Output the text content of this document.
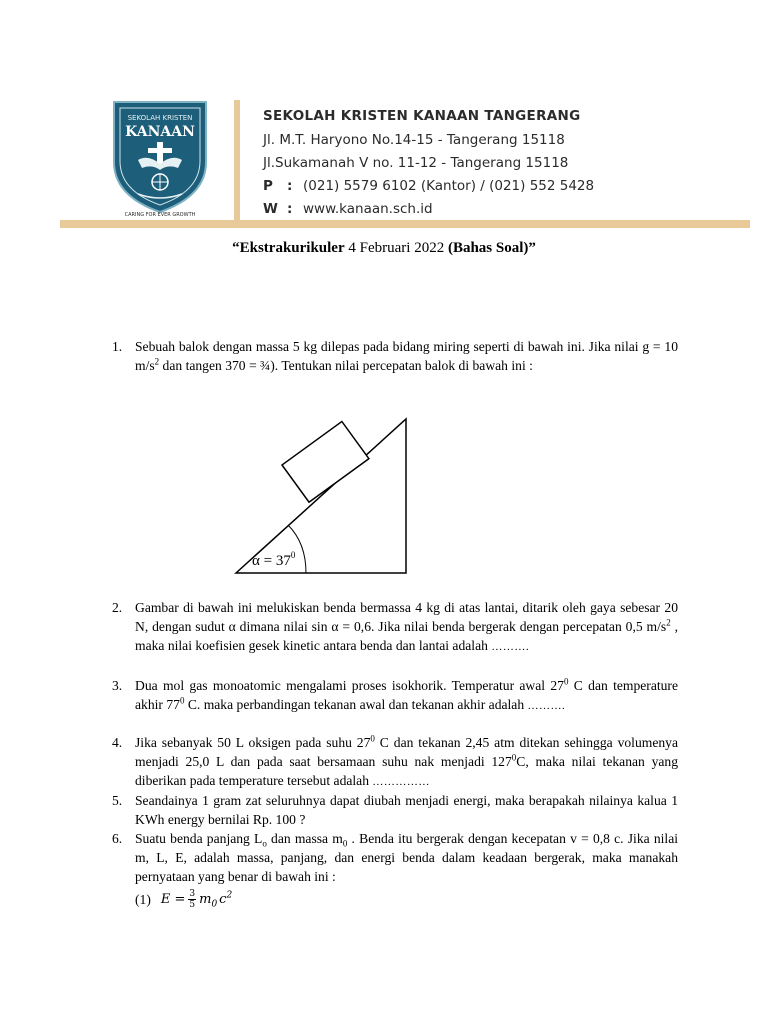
SEKOLAH KRISTEN
KANAAN
CARING FOR EVER GROWTH
SEKOLAH KRISTEN KANAAN TANGERANG
Jl. M.T. Haryono No.14-15 - Tangerang 15118
Jl.Sukamanah V no. 11-12 - Tangerang 15118
P : (021) 5579 6102 (Kantor) / (021) 552 5428
W : www.kanaan.sch.id
“Ekstrakurikuler 4 Februari 2022 (Bahas Soal)”
1. Sebuah balok dengan massa 5 kg dilepas pada bidang miring seperti di bawah ini. Jika nilai g = 10 $m/s^2$ dan tangen 370 = ¾). Tentukan nilai percepatan balok di bawah ini :
$\alpha = 37^0$
2. Gambar di bawah ini melukiskan benda bermassa 4 kg di atas lantai, ditarik oleh gaya sebesar 20 N, dengan sudut α dimana nilai sin α = 0,6. Jika nilai benda bergerak dengan percepatan 0,5 $m/s^2$ , maka nilai koefisien gesek kinetic antara benda dan lantai adalah ……….
3. Dua mol gas monoatomic mengalami proses isokhorik. Temperatur awal $27^0$ C dan temperature akhir $77^0$ C. maka perbandingan tekanan awal dan tekanan akhir adalah ……….
4. Jika sebanyak 50 L oksigen pada suhu $27^0$ C dan tekanan 2,45 atm ditekan sehingga volumenya menjadi 25,0 L dan pada saat bersamaan suhu nak menjadi $127^0C$, maka nilai tekanan yang diberikan pada temperature tersebut adalah ……………
5. Seandainya 1 gram zat seluruhnya dapat diubah menjadi energi, maka berapakah nilainya kalua 1 KWh energy bernilai Rp. 100 ?
6. Suatu benda panjang $L_o$ dan massa $m_0$ . Benda itu bergerak dengan kecepatan v = 0,8 c. Jika nilai m, L, E, adalah massa, panjang, dan energi benda dalam keadaan bergerak, maka manakah pernyataan yang benar di bawah ini :
(1) $E = \frac{3}{5} m_0$ $c^2$
